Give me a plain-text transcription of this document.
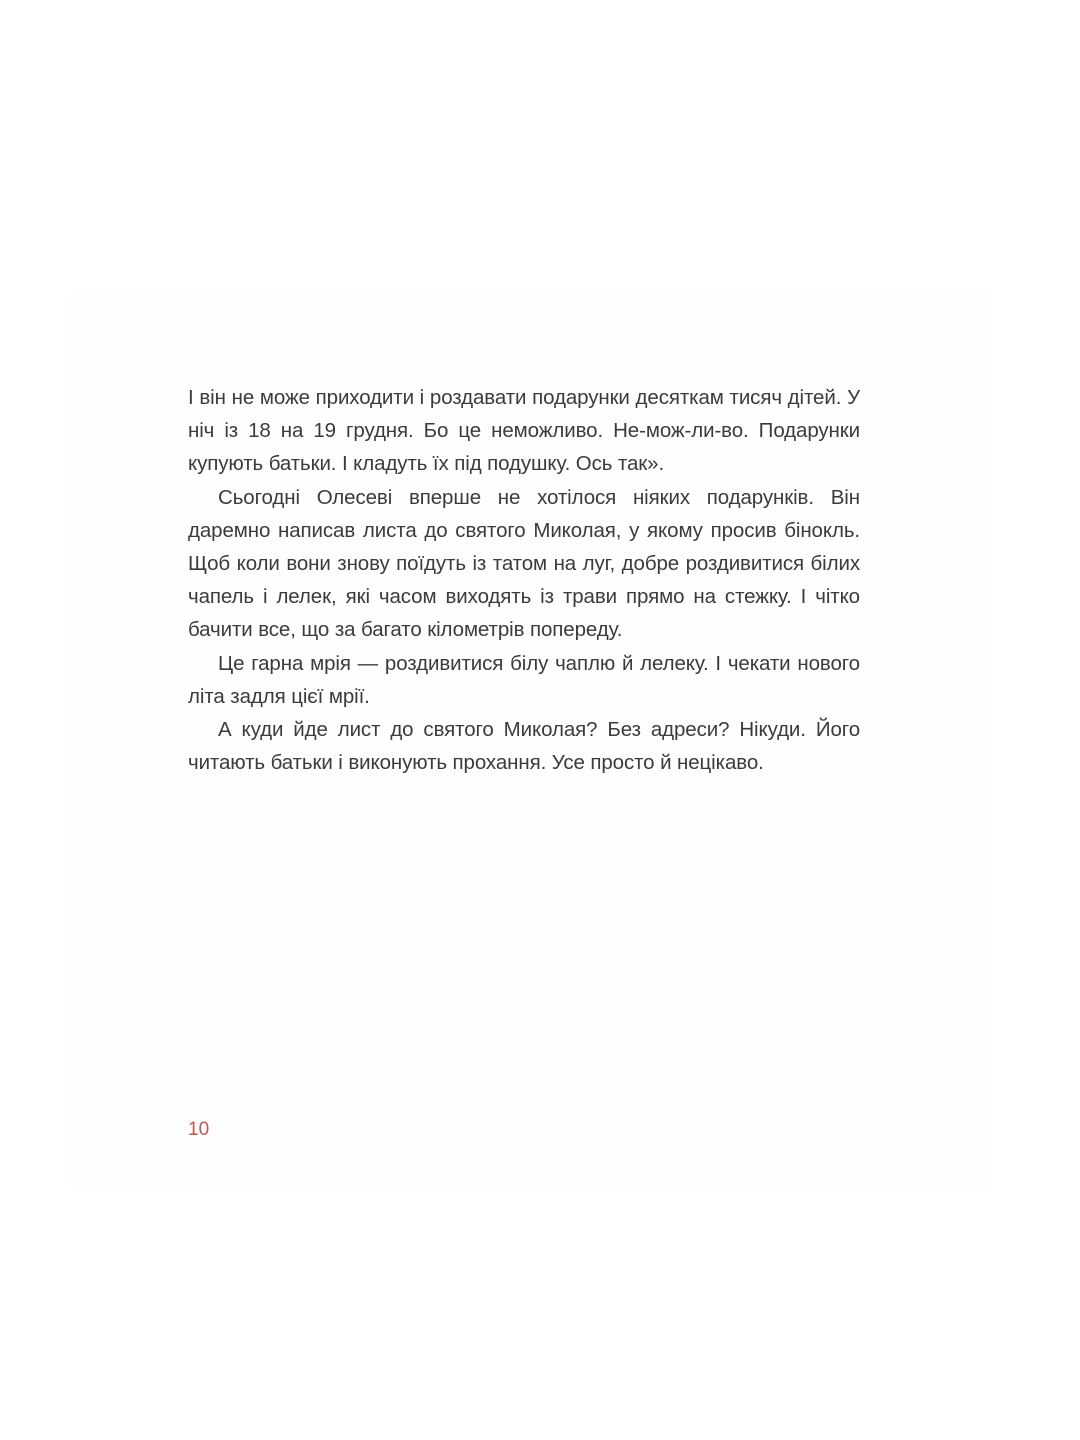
І він не може приходити і роздавати подарунки десяткам тисяч дітей. У ніч із 18 на 19 грудня. Бо це неможливо. Не-мож-ли-во. Подарунки купують батьки. І кладуть їх під подушку. Ось так».

Сьогодні Олесеві вперше не хотілося ніяких подарунків. Він даремно написав листа до святого Миколая, у якому просив бінокль. Щоб коли вони знову поїдуть із татом на луг, добре роздивитися білих чапель і лелек, які часом виходять із трави прямо на стежку. І чітко бачити все, що за багато кілометрів попереду.

Це гарна мрія — роздивитися білу чаплю й лелеку. І чекати нового літа задля цієї мрії.

А куди йде лист до святого Миколая? Без адреси? Нікуди. Його читають батьки і виконують прохання. Усе просто й нецікаво.

10
